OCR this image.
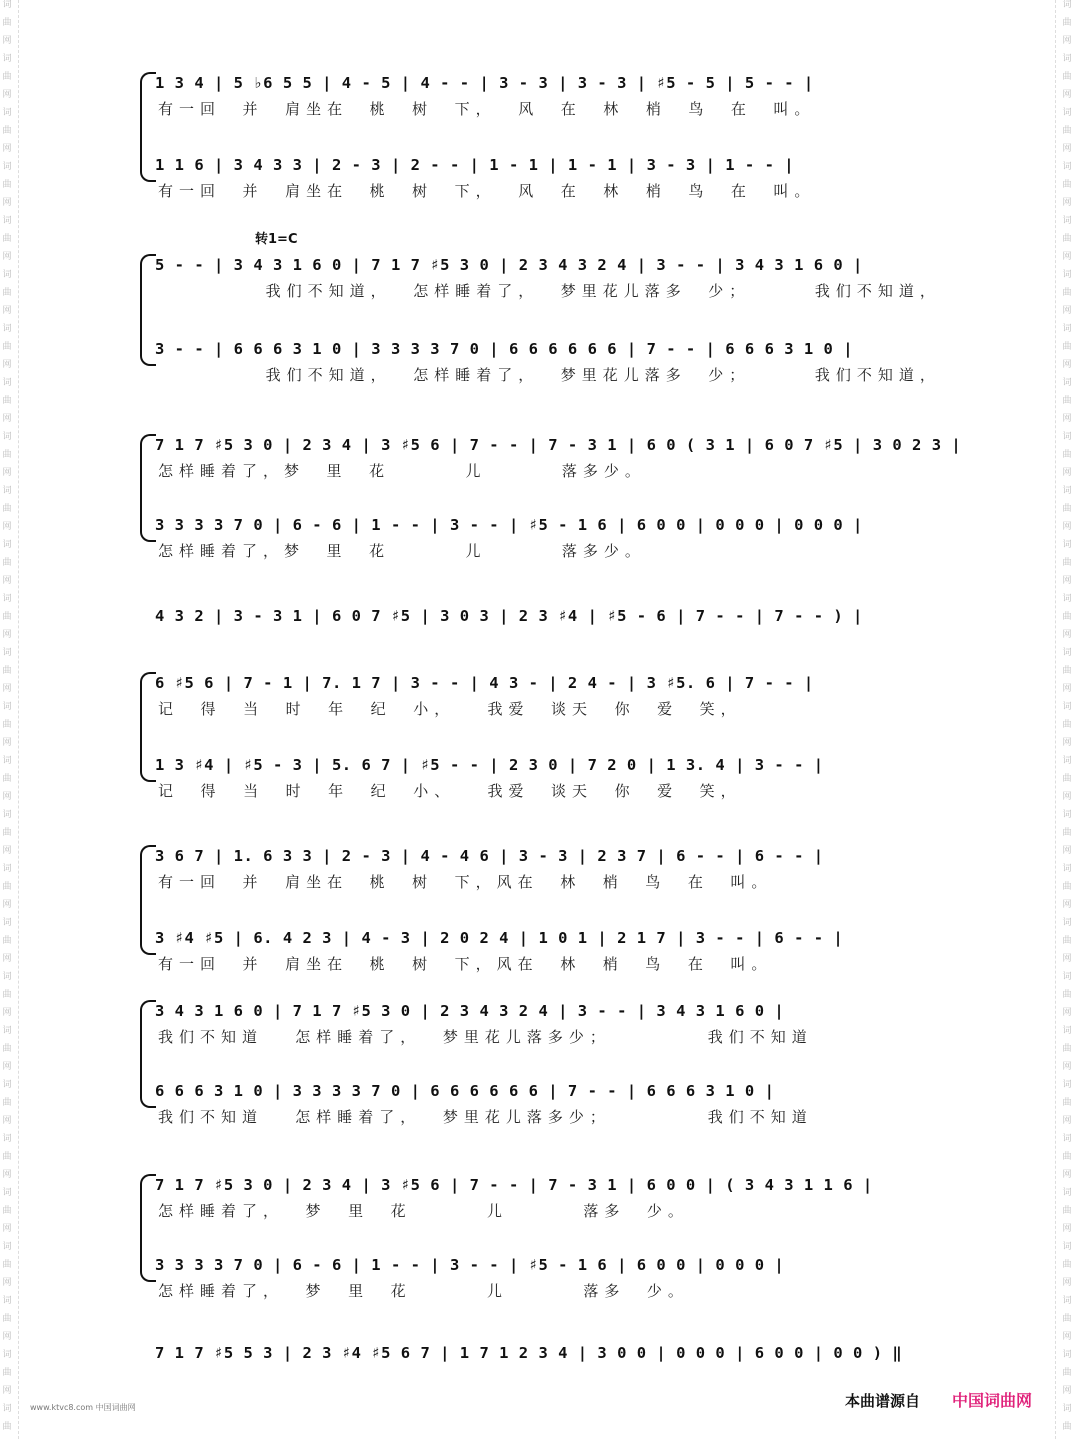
词
曲
网
词
曲
网
词
曲
网
词
曲
网
词
曲
网
词
曲
网
词
曲
网
词
曲
网
词
曲
网
词
曲
网
词
曲
网
词
曲
网
词
曲
网
词
曲
网
词
曲
网
词
曲
网
词
曲
网
词
曲
网
词
曲
网
词
曲
网
词
曲
网
词
曲
网
词
曲
网
词
曲
网
词
曲
网
词
曲
网
词
曲
词
曲
网
词
曲
网
词
曲
网
词
曲
网
词
曲
网
词
曲
网
词
曲
网
词
曲
网
词
曲
网
词
曲
网
词
曲
网
词
曲
网
词
曲
网
词
曲
网
词
曲
网
词
曲
网
词
曲
网
词
曲
网
词
曲
网
词
曲
网
词
曲
网
词
曲
网
词
曲
网
词
曲
网
词
曲
网
词
曲
网
词
曲
转1=C
1 3 4 | 5 ♭6 5 5 | 4 - 5 | 4 - - | 3 - 3 | 3 - 3 | ♯5 - 5 | 5 - - |
有一回  并  肩坐在  桃  树  下，  风  在  林  梢  鸟  在  叫。
1 1 6 | 3 4 3 3 | 2 - 3 | 2 - - | 1 - 1 | 1 - 1 | 3 - 3 | 1 - - |
有一回  并  肩坐在  桃  树  下，  风  在  林  梢  鸟  在  叫。
5 - - | 3 4 3 1 6 0 | 7 1 7 ♯5 3 0 | 2 3 4 3 2 4 | 3 - - | 3 4 3 1 6 0 |
我们不知道，  怎样睡着了，  梦里花儿落多  少；      我们不知道，
3 - - | 6 6 6 3 1 0 | 3 3 3 3 7 0 | 6 6 6 6 6 6 | 7 - - | 6 6 6 3 1 0 |
我们不知道，  怎样睡着了，  梦里花儿落多  少；      我们不知道，
7 1 7 ♯5 3 0 | 2 3 4 | 3 ♯5 6 | 7 - - | 7 - 3 1 | 6 0 ( 3 1 | 6 0 7 ♯5 | 3 0 2 3 |
怎样睡着了，梦  里  花       儿       落多少。
3 3 3 3 7 0 | 6 - 6 | 1 - - | 3 - - | ♯5 - 1 6 | 6 0 0 | 0 0 0 | 0 0 0 |
怎样睡着了，梦  里  花       儿       落多少。
4 3 2 | 3 - 3 1 | 6 0 7 ♯5 | 3 0 3 | 2 3 ♯4 | ♯5 - 6 | 7 - - | 7 - - ) |
6 ♯5 6 | 7 - 1 | 7. 1 7 | 3 - - | 4 3 - | 2 4 - | 3 ♯5. 6 | 7 - - |
记  得  当  时  年  纪  小，   我爱  谈天  你  爱  笑，
1 3 ♯4 | ♯5 - 3 | 5. 6 7 | ♯5 - - | 2 3 0 | 7 2 0 | 1 3. 4 | 3 - - |
记  得  当  时  年  纪  小、   我爱  谈天  你  爱  笑，
3 6 7 | 1. 6 3 3 | 2 - 3 | 4 - 4 6 | 3 - 3 | 2 3 7 | 6 - - | 6 - - |
有一回  并  肩坐在  桃  树  下，风在  林  梢  鸟  在  叫。
3 ♯4 ♯5 | 6. 4 2 3 | 4 - 3 | 2 0 2 4 | 1 0 1 | 2 1 7 | 3 - - | 6 - - |
有一回  并  肩坐在  桃  树  下，风在  林  梢  鸟  在  叫。
3 4 3 1 6 0 | 7 1 7 ♯5 3 0 | 2 3 4 3 2 4 | 3 - - | 3 4 3 1 6 0 |
我们不知道   怎样睡着了，  梦里花儿落多少；         我们不知道
6 6 6 3 1 0 | 3 3 3 3 7 0 | 6 6 6 6 6 6 | 7 - - | 6 6 6 3 1 0 |
我们不知道   怎样睡着了，  梦里花儿落多少；         我们不知道
7 1 7 ♯5 3 0 | 2 3 4 | 3 ♯5 6 | 7 - - | 7 - 3 1 | 6 0 0 | ( 3 4 3 1 1 6 |
怎样睡着了，  梦  里  花       儿       落多  少。
3 3 3 3 7 0 | 6 - 6 | 1 - - | 3 - - | ♯5 - 1 6 | 6 0 0 | 0 0 0 |
怎样睡着了，  梦  里  花       儿       落多  少。
7 1 7 ♯5 5 3 | 2 3 ♯4 ♯5 6 7 | 1 7 1 2 3 4 | 3 0 0 | 0 0 0 | 6 0 0 | 0 0 ) ‖
www.ktvc8.com 中国词曲网	本曲谱源自 中国词曲网
